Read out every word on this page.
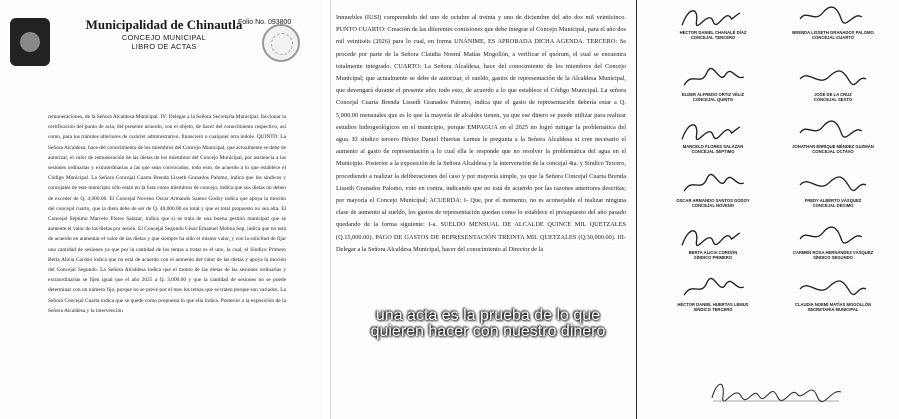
Municipalidad de Chinautla
CONCEJO MUNICIPAL
LIBRO DE ACTAS
Folio No. 093800
remuneraciones, de la Señora Alcaldesa Municipal. IV: Delegar a la Señora Secretaria Municipal, faccionar la certificación del punto de acta, del presente acuerdo, con el objeto, de hacer del conocimiento respectivo, así como, para los trámites ulteriores de carácter administrativo, financiero o cualquier otra índole. QUINTO: La Señora Alcaldesa, hace del conocimiento de los miembros del Concejo Municipal, que actualmente se debe de autorizar, el valor de remuneración de las dietas de los miembros del Concejo Municipal, por asistencia a las sesiones ordinarias y extraordinarias a las que sean convocados, todo esto, de acuerdo a lo que establece el Código Municipal. La Señora Concejal Cuarta Brenda Lisseth Granados Palomo, indica que los síndicos y concejales de este municipio sólo están en la lista como miembros de concejo, indica que sus dietas no deben de exceder de Q. 4,000.00. El Concejal Noveno Oscar Armando Santos Godoy indica que apoya la moción del concejal cuarto, que la dieta debe de ser de Q. 40,000.00 en total y que el total propuesto no sea alta. El Concejal Séptimo Marcelo Flores Salazar, indica que si se trata de una buena gestión municipal que se aumente el valor de las dietas por sesión. El Concejal Segundo César Emanuel Molina Sep, indica que no está de acuerdo en aumentar el valor de las dietas y que siempre ha sido el mismo valor, y con la solicitud de fijar una cantidad de sesiones ya que por la cantidad de los temas a tratar es el uno, la cual, el Síndico Primero Berta Alicia Cordón indica que no está de acuerdo con el aumento del valor de las dietas y apoya la moción del Concejal Segundo. La Señora Alcaldesa indica que el monto de las dietas de las sesiones ordinarias y extraordinarias se fijen igual que el año 2025 a Q. 3,000.00 y que la cantidad de sesiones no se puede determinar con un número fijo, porque no se prevé por el mes los temas que se traten porque son variados. La Señora Concejal Cuarta indica que se quede como propuesta lo que ella indica. Posterior a la exposición de la Señora Alcaldesa y la intervención
Inmuebles (IUSI) comprendido del uno de octubre al treinta y uno de diciembre del año dos mil veinticinco. PUNTO CUARTO: Creación de las diferentes comisiones que debe integrar el Concejo Municipal, para el año dos mil veintiséis (2026) para lo cual, en forma UNÁNIME, ES APROBADA DICHA AGENDA. TERCERO: Se procede por parte de la Señora Claudia Noemí Matías Mogollón, a verificar el quórum, el cual se encuentra totalmente integrado. CUARTO: La Señora Alcaldesa, hace del conocimiento de los miembros del Concejo Municipal; que actualmente se debe de autorizar, el sueldo, gastos de representación de la Alcaldesa Municipal, que devengará durante el presente año; todo esto, de acuerdo a lo que establece el Código Municipal. La señora Concejal Cuarta Brenda Lisseth Granados Palomo, indica que el gasto de representación debería estar a Q. 5,000.00 mensuales que es lo que la mayoría de alcaldes tienen, ya que ese dinero se puede utilizar para realizar estudios hidrogeológicos en el municipio, porque EMPAGUA en el 2025 no logró mitigar la problemática del agua. El síndico tercero Héctor Daniel Huertas Lemus le pregunta a la Señora Alcaldesa si cree necesario el aumento al gasto de representación a lo cual ella le responde que no resolver la problemática del agua en el Municipio. Posterior a la exposición de la Señora Alcaldesa y la intervención de la concejal 4ta. y Síndico Tercero, procediendo a realizar la deliberaciones del caso y por mayoría simple, ya que la Señora Concejal Cuarta Brenda Lisseth Granados Palomo, voto en contra, indicando que no está de acuerdo por las razones anteriores descritas; por mayoría el Concejo Municipal; ACUERDA: I- Que, por el momento, no es aconsejable el realizar ninguna clase de aumento al sueldo, los gastos de representación quedan como lo establece el presupuesto del año pasado quedando de la forma siguiente: I-a. SUELDO MENSUAL DE ALCALDE QUINCE MIL QUETZALES (Q.15,000.00). PAGO DE GASTOS DE REPRESENTACIÓN TREINTA MIL QUETZALES (Q.30,000.00). III- Delegar a la Señora Alcaldesa Municipal, hacer del conocimiento al Director de la
HÉCTOR DANIEL CHANALÉ DÍAZ
CONCEJAL TERCERO
BRENDA LISSETH GRANADOS PALOMO
CONCEJAL CUARTO
ELDER ALFREDO ORTIZ VÉLIZ
CONCEJAL QUINTO
JOSÉ DE LA CRUZ
CONCEJAL SEXTO
MARCELO FLORES SALAZAR
CONCEJAL SÉPTIMO
JONATHAN ENRIQUE MÉNDEZ GUZMÁN
CONCEJAL OCTAVO
OSCAR ARMANDO SANTOS GODOY
CONCEJAL NOVENO
FREDY ALBERTO VÁSQUEZ
CONCEJAL DÉCIMO
BERTA ALICIA CORDÓN
SÍNDICO PRIMERO
CARMEN ROSA HERNÁNDEZ VÁSQUEZ
SÍNDICO SEGUNDO
HÉCTOR DANIEL HUERTAS LEMUS
SÍNDICO TERCERO
CLAUDIA NOEMÍ MATÍAS MOGOLLÓN
SECRETARIA MUNICIPAL
una acta es la prueba de lo que quieren hacer con nuestro dinero
